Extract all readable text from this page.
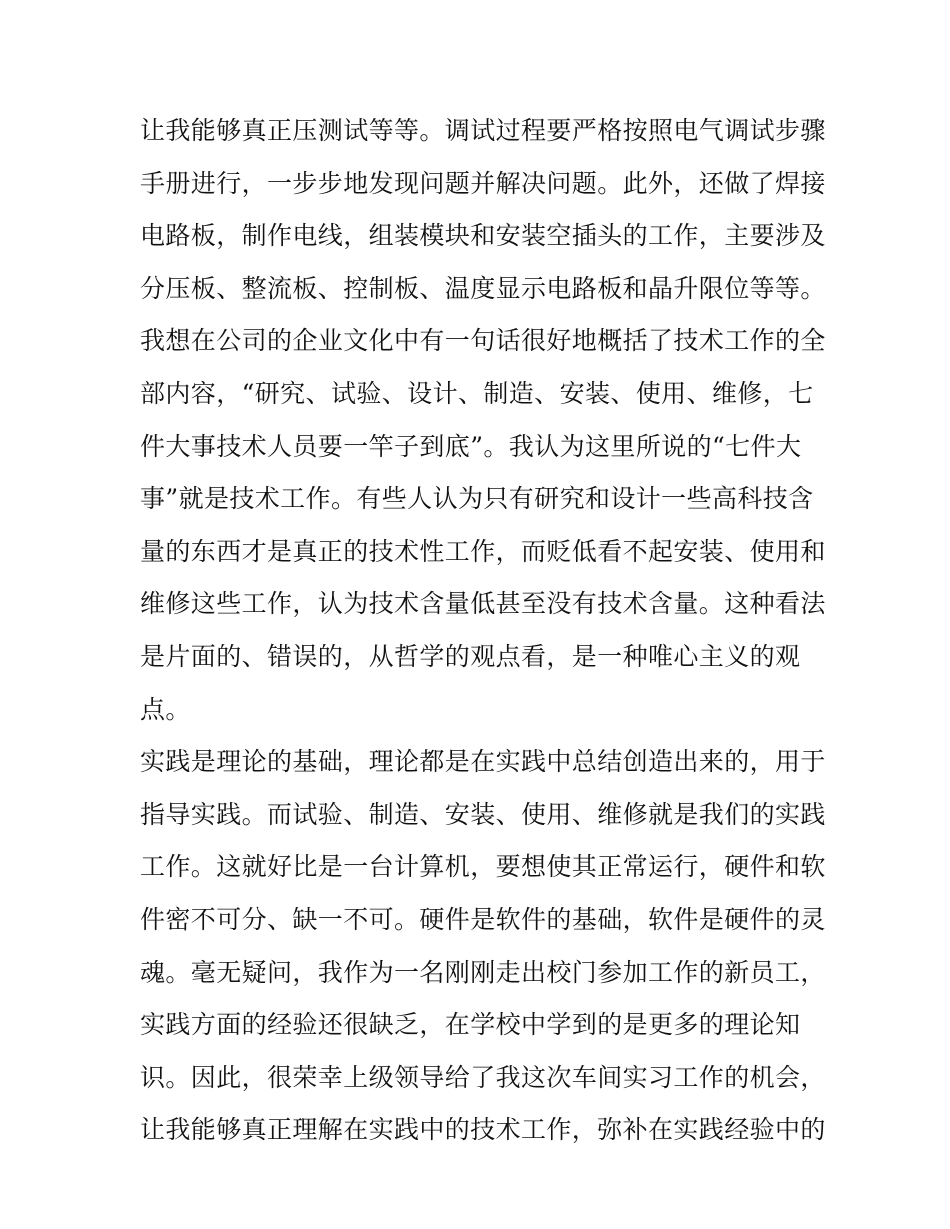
让我能够真正压测试等等。调试过程要严格按照电气调试步骤
手册进行，一步步地发现问题并解决问题。此外，还做了焊接
电路板，制作电线，组装模块和安装空插头的工作，主要涉及
分压板、整流板、控制板、温度显示电路板和晶升限位等等。
我想在公司的企业文化中有一句话很好地概括了技术工作的全
部内容，“研究、试验、设计、制造、安装、使用、维修，七
件大事技术人员要一竿子到底”。我认为这里所说的“七件大
事”就是技术工作。有些人认为只有研究和设计一些高科技含
量的东西才是真正的技术性工作，而贬低看不起安装、使用和
维修这些工作，认为技术含量低甚至没有技术含量。这种看法
是片面的、错误的，从哲学的观点看，是一种唯心主义的观
点。
实践是理论的基础，理论都是在实践中总结创造出来的，用于
指导实践。而试验、制造、安装、使用、维修就是我们的实践
工作。这就好比是一台计算机，要想使其正常运行，硬件和软
件密不可分、缺一不可。硬件是软件的基础，软件是硬件的灵
魂。毫无疑问，我作为一名刚刚走出校门参加工作的新员工，
实践方面的经验还很缺乏，在学校中学到的是更多的理论知
识。因此，很荣幸上级领导给了我这次车间实习工作的机会，
让我能够真正理解在实践中的技术工作，弥补在实践经验中的
